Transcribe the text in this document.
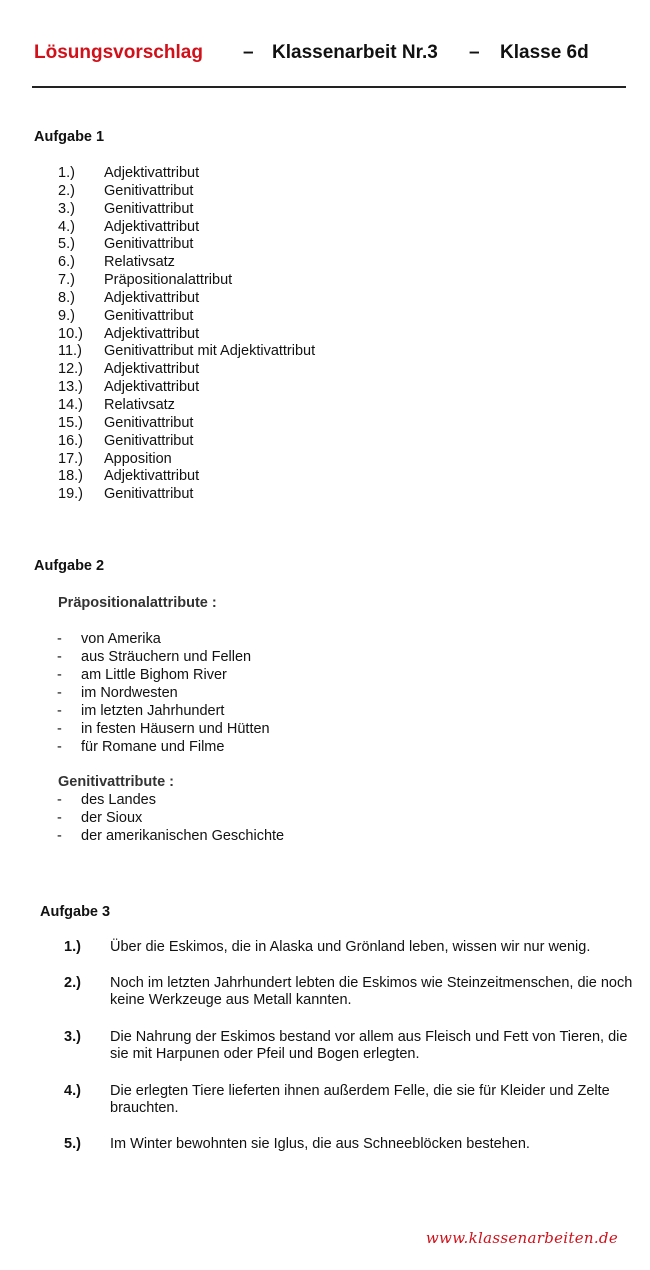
Lösungsvorschlag – Klassenarbeit Nr.3 – Klasse 6d
Aufgabe 1
1.) Adjektivattribut
2.) Genitivattribut
3.) Genitivattribut
4.) Adjektivattribut
5.) Genitivattribut
6.) Relativsatz
7.) Präpositionalattribut
8.) Adjektivattribut
9.) Genitivattribut
10.) Adjektivattribut
11.) Genitivattribut mit Adjektivattribut
12.) Adjektivattribut
13.) Adjektivattribut
14.) Relativsatz
15.) Genitivattribut
16.) Genitivattribut
17.) Apposition
18.) Adjektivattribut
19.) Genitivattribut
Aufgabe 2
Präpositionalattribute :
- von Amerika
- aus Sträuchern und Fellen
- am Little Bighom River
- im Nordwesten
- im letzten Jahrhundert
- in festen Häusern und Hütten
- für Romane und Filme
Genitivattribute :
- des Landes
- der Sioux
- der amerikanischen Geschichte
Aufgabe 3
1.) Über die Eskimos, die in Alaska und Grönland leben, wissen wir nur wenig.
2.) Noch im letzten Jahrhundert lebten die Eskimos wie Steinzeitmenschen, die noch keine Werkzeuge aus Metall kannten.
3.) Die Nahrung der Eskimos bestand vor allem aus Fleisch und Fett von Tieren, die sie mit Harpunen oder Pfeil und Bogen erlegten.
4.) Die erlegten Tiere lieferten ihnen außerdem Felle, die sie für Kleider und Zelte brauchten.
5.) Im Winter bewohnten sie Iglus, die aus Schneeblöcken bestehen.
www.klassenarbeiten.de
